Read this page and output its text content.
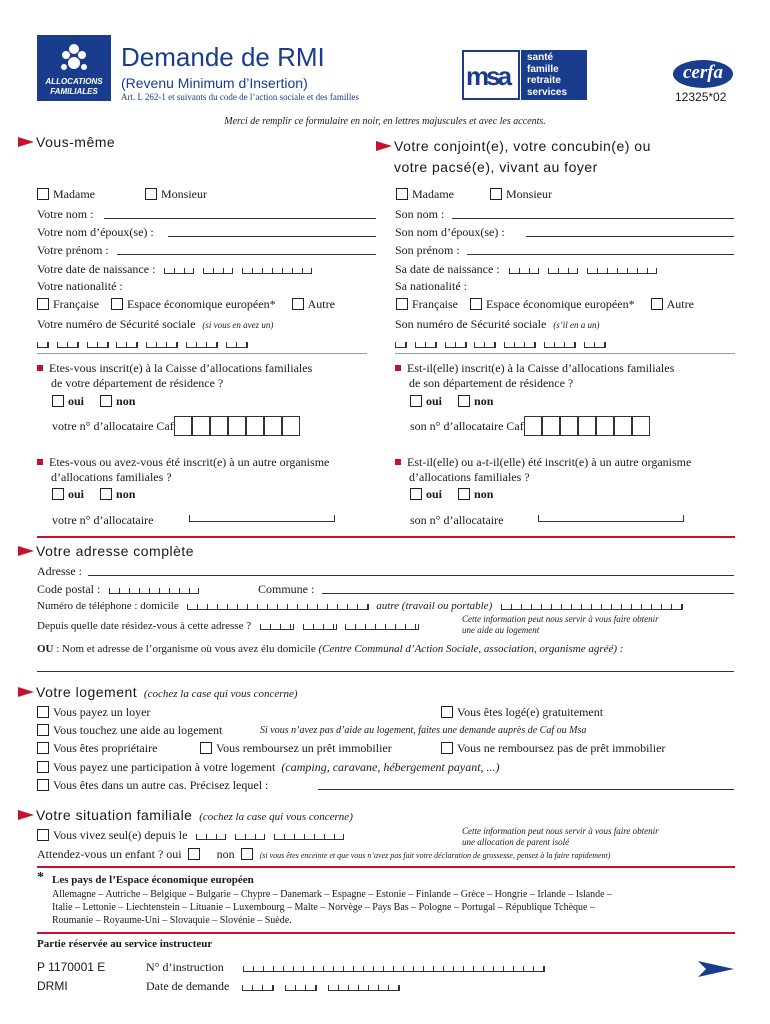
ALLOCATIONS
FAMILIALES
Demande de RMI
(Revenu Minimum d’Insertion)
Art. L 262-1 et suivants du code de l’action sociale et des familles
msa
santé
famille
retraite
services
cerfa
12325*02
Merci de remplir ce formulaire en noir, en lettres majuscules et avec les accents.
Vous-même
Madame	Monsieur
Votre nom :
Votre nom d’époux(se) :
Votre prénom :
Votre date de naissance :
Votre nationalité :
Française Espace économique européen*	Autre
Votre numéro de Sécurité sociale (si vous en avez un)

Etes-vous inscrit(e) à la Caisse d’allocations familiales
de votre département de résidence ?
oui	non
votre n° d’allocataire Caf
Etes-vous ou avez-vous été inscrit(e) à un autre organisme
d’allocations familiales ?
oui	non
votre n° d’allocataire
Votre conjoint(e), votre concubin(e) ou
votre pacsé(e), vivant au foyer
Madame	Monsieur
Son nom :
Son nom d’époux(se) :
Son prénom :
Sa date de naissance :
Sa nationalité :
Française Espace économique européen*	Autre
Son numéro de Sécurité sociale (s’il en a un)

Est-il(elle) inscrit(e) à la Caisse d’allocations familiales
de son département de résidence ?
oui	non
son n° d’allocataire Caf
Est-il(elle) ou a-t-il(elle) été inscrit(e) à un autre organisme
d’allocations familiales ?
oui	non
son n° d’allocataire
Votre adresse complète
Adresse :
Code postal :	Commune :
Numéro de téléphone : domicile	autre (travail ou portable)
Depuis quelle date résidez-vous à cette adresse ?
Cette information peut nous servir à vous faire obtenir
une aide au logement
OU : Nom et adresse de l’organisme où vous avez élu domicile (Centre Communal d’Action Sociale, association, organisme agréé) :
Votre logement (cochez la case qui vous concerne)
Vous payez un loyer	Vous êtes logé(e) gratuitement
Vous touchez une aide au logement	Si vous n’avez pas d’aide au logement, faites une demande auprès de Caf ou Msa
Vous êtes propriétaire	Vous remboursez un prêt immobilier	Vous ne remboursez pas de prêt immobilier
Vous payez une participation à votre logement (camping, caravane, hébergement payant, ...)
Vous êtes dans un autre cas. Précisez lequel :
Votre situation familiale (cochez la case qui vous concerne)
Vous vivez seul(e) depuis le	Cette information peut nous servir à vous faire obtenir
une allocation de parent isolé
Attendez-vous un enfant ? oui	non	(si vous êtes enceinte et que vous n’avez pas fait votre déclaration de grossesse, pensez à la faire rapidement)
* Les pays de l’Espace économique européen
Allemagne – Autriche – Belgique – Bulgarie – Chypre – Danemark – Espagne – Estonie – Finlande – Grèce – Hongrie – Irlande – Islande –
Italie – Lettonie – Liechtenstein – Lituanie – Luxembourg – Malte – Norvège – Pays Bas – Pologne – Portugal – République Tchèque –
Roumanie – Royaume-Uni – Slovaquie – Slovénie – Suède.
Partie réservée au service instructeur
P 1170001 E
DRMI
N° d’instruction
Date de demande
